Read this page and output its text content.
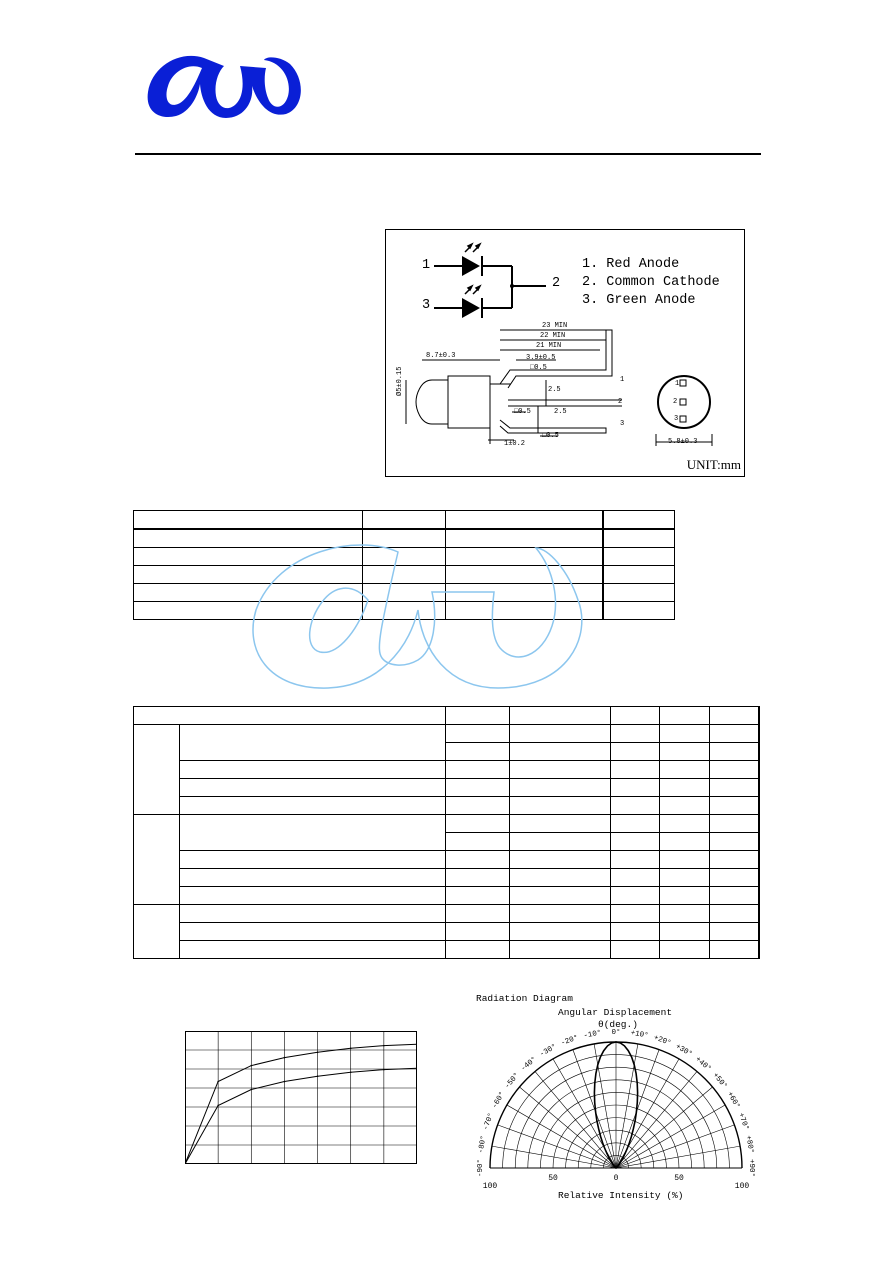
1
2
3
1. Red Anode
2. Common Cathode
3. Green Anode
23 MIN
22 MIN
21 MIN
8.7±0.3	3.9±0.5
□0.5
Ø5±0.15	2.5
2.5
□0.5
□0.5
1±0.2	5.8±0.3
1
2
3
1
2
3
UNIT:mm

Radiation Diagram
Angular Displacement
θ(deg.)
Relative Intensity (%)
-90°
-80°
-70°
-60°
-50°
-40°
-30°
-20° -10° 0° +10° +20°
+30°
+40°
+50°
+60°
+70°
+80°
+90°
100
50	0	50
100
